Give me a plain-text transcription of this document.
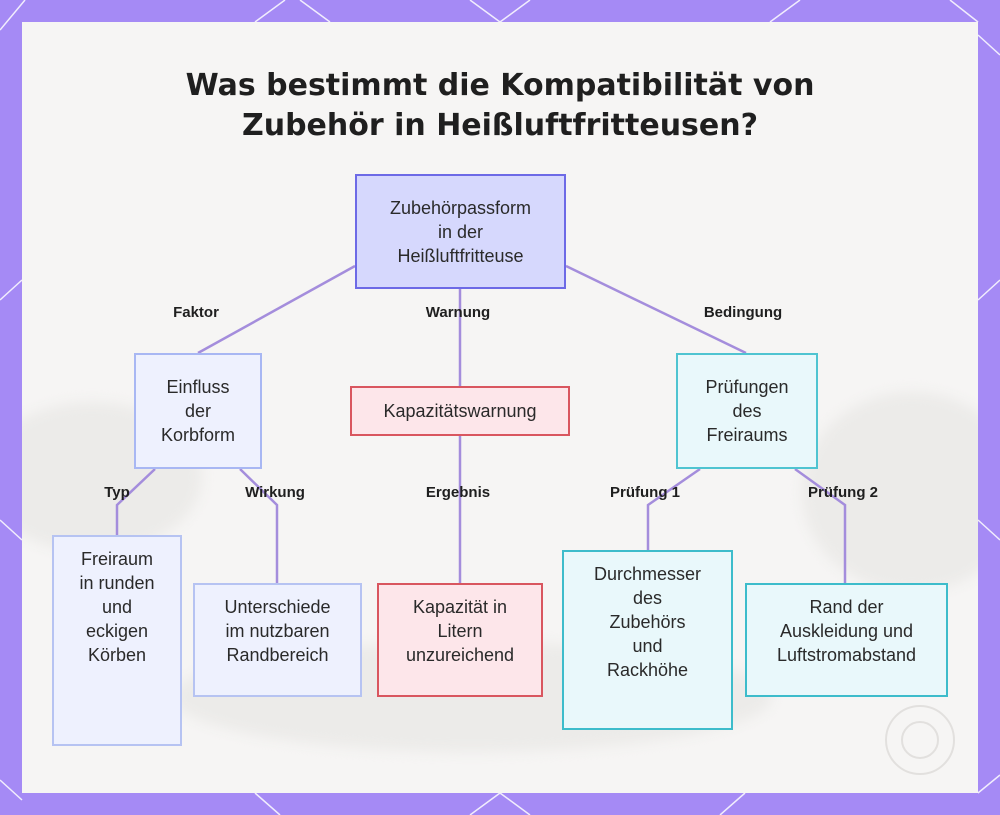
Was bestimmt die Kompatibilität von
Zubehör in Heißluftfritteusen?
Faktor	Warnung	Bedingung
Typ	Wirkung	Ergebnis	Prüfung 1	Prüfung 2
Zubehörpassform
in der
Heißluftfritteuse
Einfluss
der
Korbform
Kapazitätswarnung
Prüfungen
des
Freiraums
Freiraum
in runden
und
eckigen
Körben
Unterschiede
im nutzbaren
Randbereich
Kapazität in
Litern
unzureichend
Durchmesser
des
Zubehörs
und
Rackhöhe
Rand der
Auskleidung und
Luftstromabstand
